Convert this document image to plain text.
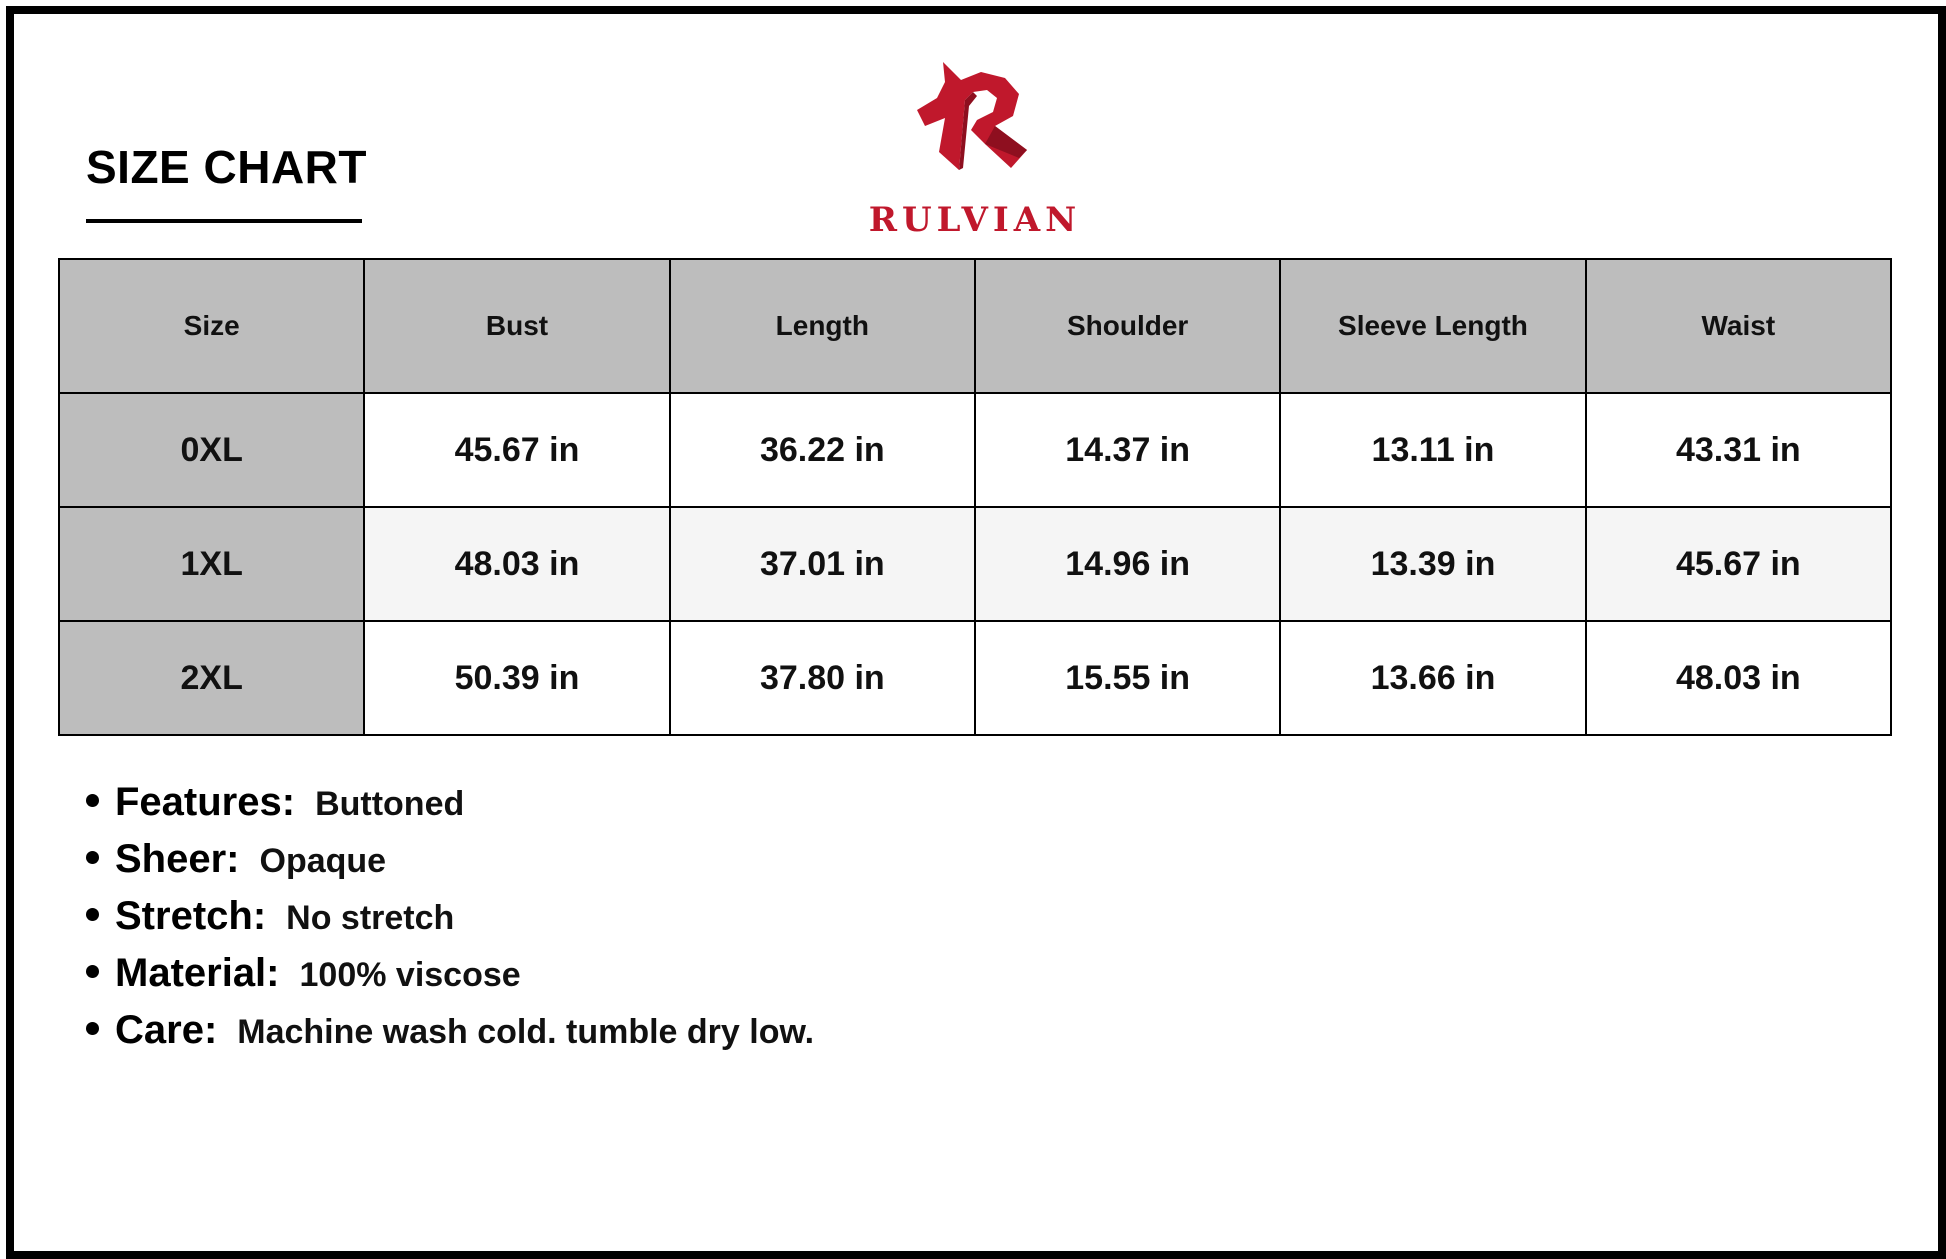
SIZE CHART
RULVIAN
Size	Bust	Length	Shoulder	Sleeve Length	Waist
0XL	45.67 in	36.22 in	14.37 in	13.11 in	43.31 in
1XL	48.03 in	37.01 in	14.96 in	13.39 in	45.67 in
2XL	50.39 in	37.80 in	15.55 in	13.66 in	48.03 in
Features: Buttoned
Sheer: Opaque
Stretch: No stretch
Material: 100% viscose
Care: Machine wash cold. tumble dry low.
